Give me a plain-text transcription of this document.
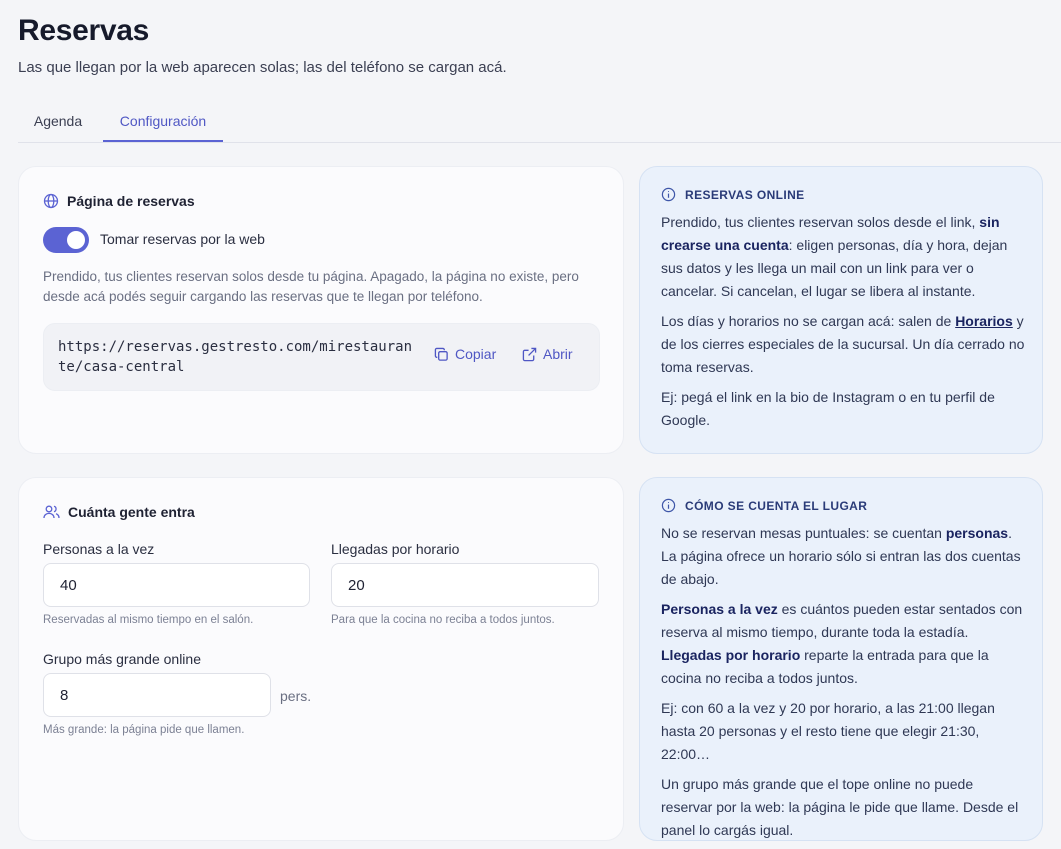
Reservas
Las que llegan por la web aparecen solas; las del teléfono se cargan acá.
Agenda	Configuración
Página de reservas
Tomar reservas por la web
Prendido, tus clientes reservan solos desde tu página. Apagado, la página no existe, pero desde acá podés seguir cargando las reservas que te llegan por teléfono.
https://reservas.gestresto.com/mirestaurante/casa-central
Copiar	Abrir
Cuánta gente entra
Personas a la vez
40
Reservadas al mismo tiempo en el salón.
Llegadas por horario
20
Para que la cocina no reciba a todos juntos.
Grupo más grande online
8
pers.
Más grande: la página pide que llamen.
RESERVAS ONLINE

Prendido, tus clientes reservan solos desde el link, sin crearse una cuenta: eligen personas, día y hora, dejan sus datos y les llega un mail con un link para ver o cancelar. Si cancelan, el lugar se libera al instante.

Los días y horarios no se cargan acá: salen de Horarios y de los cierres especiales de la sucursal. Un día cerrado no toma reservas.

Ej: pegá el link en la bio de Instagram o en tu perfil de Google.

CÓMO SE CUENTA EL LUGAR

No se reservan mesas puntuales: se cuentan personas. La página ofrece un horario sólo si entran las dos cuentas de abajo.

Personas a la vez es cuántos pueden estar sentados con reserva al mismo tiempo, durante toda la estadía. Llegadas por horario reparte la entrada para que la cocina no reciba a todos juntos.

Ej: con 60 a la vez y 20 por horario, a las 21:00 llegan hasta 20 personas y el resto tiene que elegir 21:30, 22:00…

Un grupo más grande que el tope online no puede reservar por la web: la página le pide que llame. Desde el panel lo cargás igual.
